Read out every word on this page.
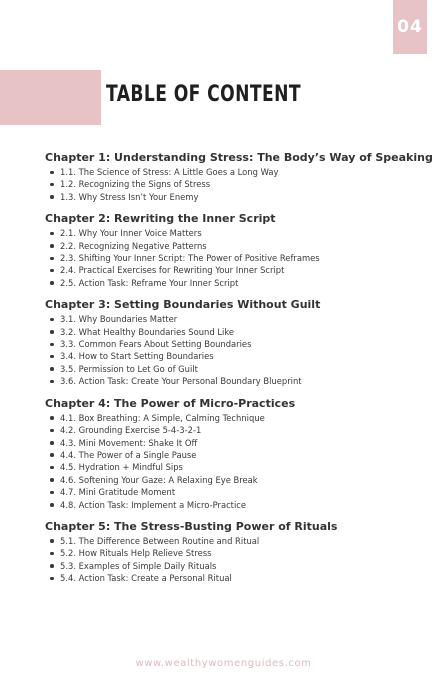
04
TABLE OF CONTENT
Chapter 1: Understanding Stress: The Body’s Way of Speaking
1.1. The Science of Stress: A Little Goes a Long Way
1.2. Recognizing the Signs of Stress
1.3. Why Stress Isn’t Your Enemy
Chapter 2: Rewriting the Inner Script
2.1. Why Your Inner Voice Matters
2.2. Recognizing Negative Patterns
2.3. Shifting Your Inner Script: The Power of Positive Reframes
2.4. Practical Exercises for Rewriting Your Inner Script
2.5. Action Task: Reframe Your Inner Script
Chapter 3: Setting Boundaries Without Guilt
3.1. Why Boundaries Matter
3.2. What Healthy Boundaries Sound Like
3.3. Common Fears About Setting Boundaries
3.4. How to Start Setting Boundaries
3.5. Permission to Let Go of Guilt
3.6. Action Task: Create Your Personal Boundary Blueprint
Chapter 4: The Power of Micro-Practices
4.1. Box Breathing: A Simple, Calming Technique
4.2. Grounding Exercise 5-4-3-2-1
4.3. Mini Movement: Shake It Off
4.4. The Power of a Single Pause
4.5. Hydration + Mindful Sips
4.6. Softening Your Gaze: A Relaxing Eye Break
4.7. Mini Gratitude Moment
4.8. Action Task: Implement a Micro-Practice
Chapter 5: The Stress-Busting Power of Rituals
5.1. The Difference Between Routine and Ritual
5.2. How Rituals Help Relieve Stress
5.3. Examples of Simple Daily Rituals
5.4. Action Task: Create a Personal Ritual
www.wealthywomenguides.com
